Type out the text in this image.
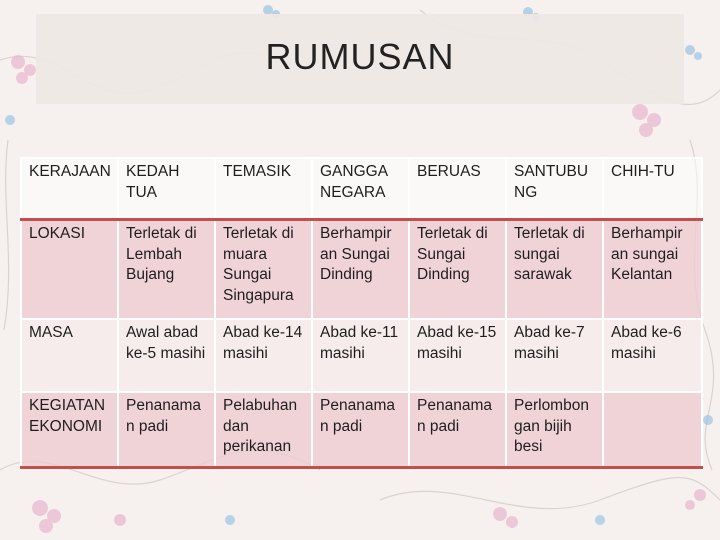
RUMUSAN
KERAJAAN	KEDAH TUA	TEMASIK	GANGGA NEGARA	BERUAS	SANTUBU NG	CHIH-TU
LOKASI	Terletak di Lembah Bujang	Terletak di muara Sungai Singapura	Berhampir an Sungai Dinding	Terletak di Sungai Dinding	Terletak di sungai sarawak	Berhampir an sungai Kelantan
MASA	Awal abad ke-5 masihi	Abad ke-14 masihi	Abad ke-11 masihi	Abad ke-15 masihi	Abad ke-7 masihi	Abad ke-6 masihi
KEGIATAN EKONOMI	Penanama n padi	Pelabuhan dan perikanan	Penanama n padi	Penanama n padi	Perlombon gan bijih besi	
